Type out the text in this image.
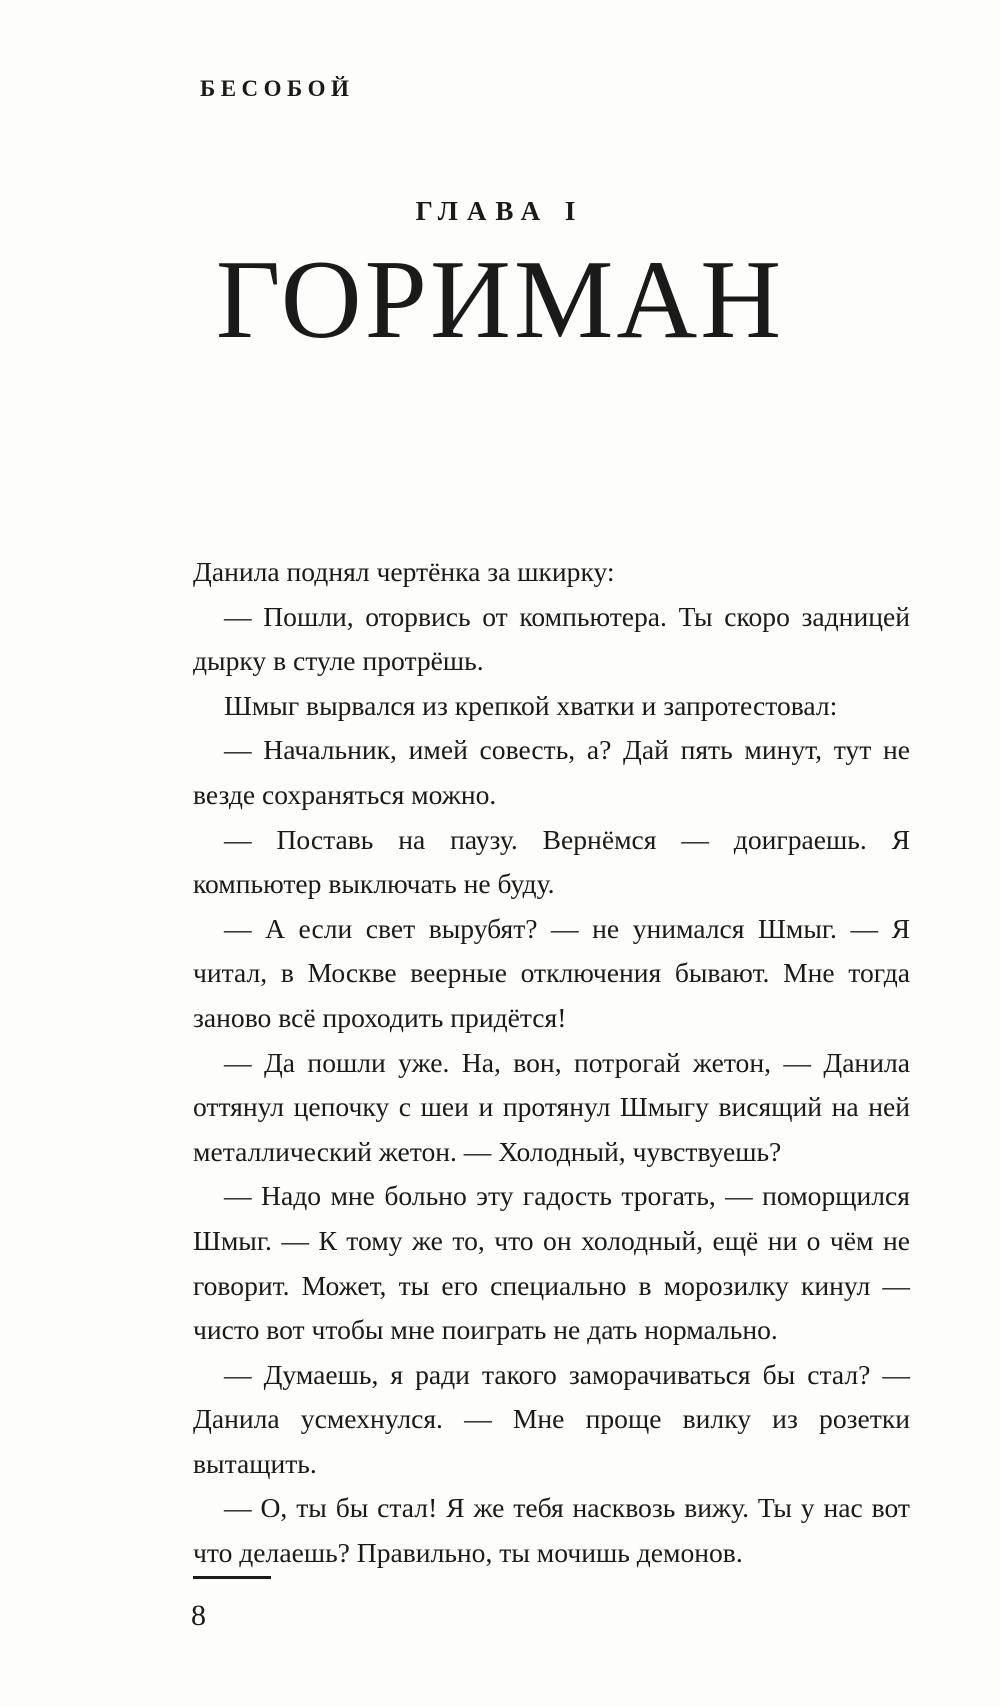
БЕСОБОЙ
ГЛАВА I
ГОРИМАН

Данила поднял чертёнка за шкирку:

— Пошли, оторвись от компьютера. Ты скоро задницей дырку в стуле протрёшь.

Шмыг вырвался из крепкой хватки и запротестовал:

— Начальник, имей совесть, а? Дай пять минут, тут не везде сохраняться можно.

— Поставь на паузу. Вернёмся — доиграешь. Я компьютер выключать не буду.

— А если свет вырубят? — не унимался Шмыг. — Я читал, в Москве веерные отключения бывают. Мне тогда заново всё проходить придётся!

— Да пошли уже. На, вон, потрогай жетон, — Данила оттянул цепочку с шеи и протянул Шмыгу висящий на ней металлический жетон. — Холодный, чувствуешь?

— Надо мне больно эту гадость трогать, — поморщился Шмыг. — К тому же то, что он холодный, ещё ни о чём не говорит. Может, ты его специально в морозилку кинул — чисто вот чтобы мне поиграть не дать нормально.

— Думаешь, я ради такого заморачиваться бы стал? — Данила усмехнулся. — Мне проще вилку из розетки вытащить.

— О, ты бы стал! Я же тебя насквозь вижу. Ты у нас вот что делаешь? Правильно, ты мочишь демонов.

8
